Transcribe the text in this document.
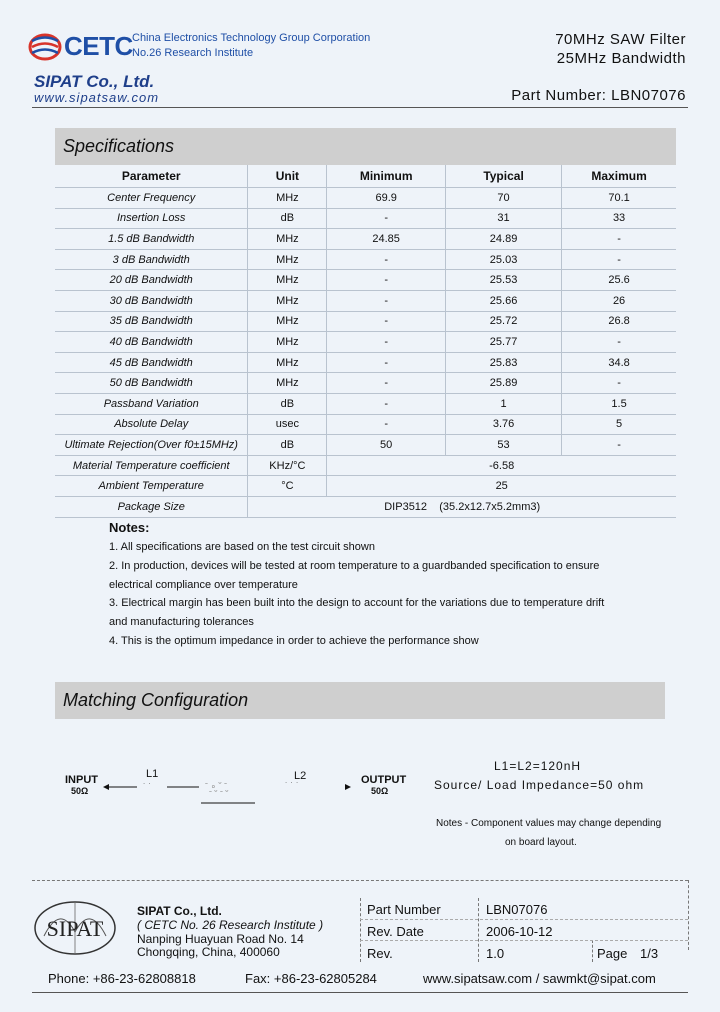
CETC China Electronics Technology Group Corporation
No.26 Research Institute
SIPAT Co., Ltd.
www.sipatsaw.com
70MHz SAW Filter
25MHz Bandwidth
Part Number: LBN07076
Specifications
Parameter	Unit	Minimum	Typical	Maximum
Center Frequency	MHz	69.9	70	70.1
Insertion Loss	dB	-	31	33
1.5 dB Bandwidth	MHz	24.85	24.89	-
3 dB Bandwidth	MHz	-	25.03	-
20 dB Bandwidth	MHz	-	25.53	25.6
30 dB Bandwidth	MHz	-	25.66	26
35 dB Bandwidth	MHz	-	25.72	26.8
40 dB Bandwidth	MHz	-	25.77	-
45 dB Bandwidth	MHz	-	25.83	34.8
50 dB Bandwidth	MHz	-	25.89	-
Passband Variation	dB	-	1	1.5
Absolute Delay	usec	-	3.76	5
Ultimate Rejection(Over f0±15MHz)	dB	50	53	-
Material Temperature coefficient	KHz/°C	-6.58		
Ambient Temperature	°C	25		
Package Size	DIP3512    (35.2x12.7x5.2mm3)			
Notes:
1. All specifications are based on the test circuit shown
2. In production, devices will be tested at room temperature to a guardbanded specification to ensure
electrical compliance over temperature
3. Electrical margin has been built into the design to account for the variations due to temperature drift
and manufacturing tolerances
4. This is the optimum impedance in order to achieve the performance show
Matching Configuration
INPUT
50Ω
L1	L2	OUTPUT
50Ω
˙ ˙	ˉ ∘ ˘ ˉ
ˉ ˘ ˉ ˘
˙ ˙ ˙
L1=L2=120nH
Source/ Load Impedance=50 ohm
Notes - Component values may change depending
on board layout.
SIPAT
SIPAT Co., Ltd.
( CETC No. 26 Research Institute )
Nanping Huayuan Road No. 14
Chongqing, China, 400060
Part Number	LBN07076
Rev. Date	2006-10-12
Rev.	1.0	Page 1/3
Phone: +86-23-62808818	Fax: +86-23-62805284	www.sipatsaw.com / sawmkt@sipat.com
